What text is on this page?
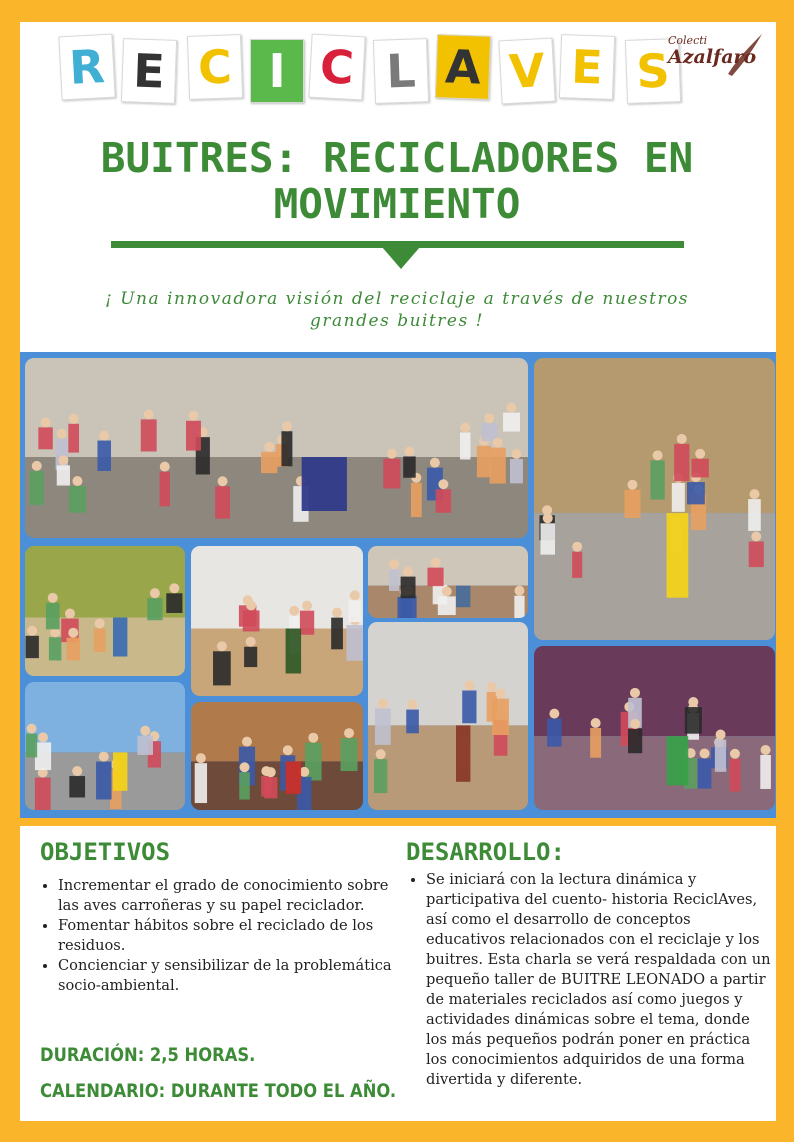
R E C I C L A V E S
Colecti
Azalfaro
BUITRES: RECICLADORES EN MOVIMIENTO
¡ Una innovadora visión del reciclaje a través de nuestros grandes buitres !
OBJETIVOS
• Incrementar el grado de conocimiento sobre las aves carroñeras y su papel reciclador.
• Fomentar hábitos sobre el reciclado de los residuos.
• Concienciar y sensibilizar de la problemática socio-ambiental.
DURACIÓN: 2,5 HORAS.
CALENDARIO: DURANTE TODO EL AÑO.
DESARROLLO:
• Se iniciará con la lectura dinámica y participativa del cuento- historia ReciclAves, así como el desarrollo de conceptos educativos relacionados con el reciclaje y los buitres. Esta charla se verá respaldada con un pequeño taller de BUITRE LEONADO a partir de materiales reciclados así como juegos y actividades dinámicas sobre el tema, donde los más pequeños podrán poner en práctica los conocimientos adquiridos de una forma divertida y diferente.
